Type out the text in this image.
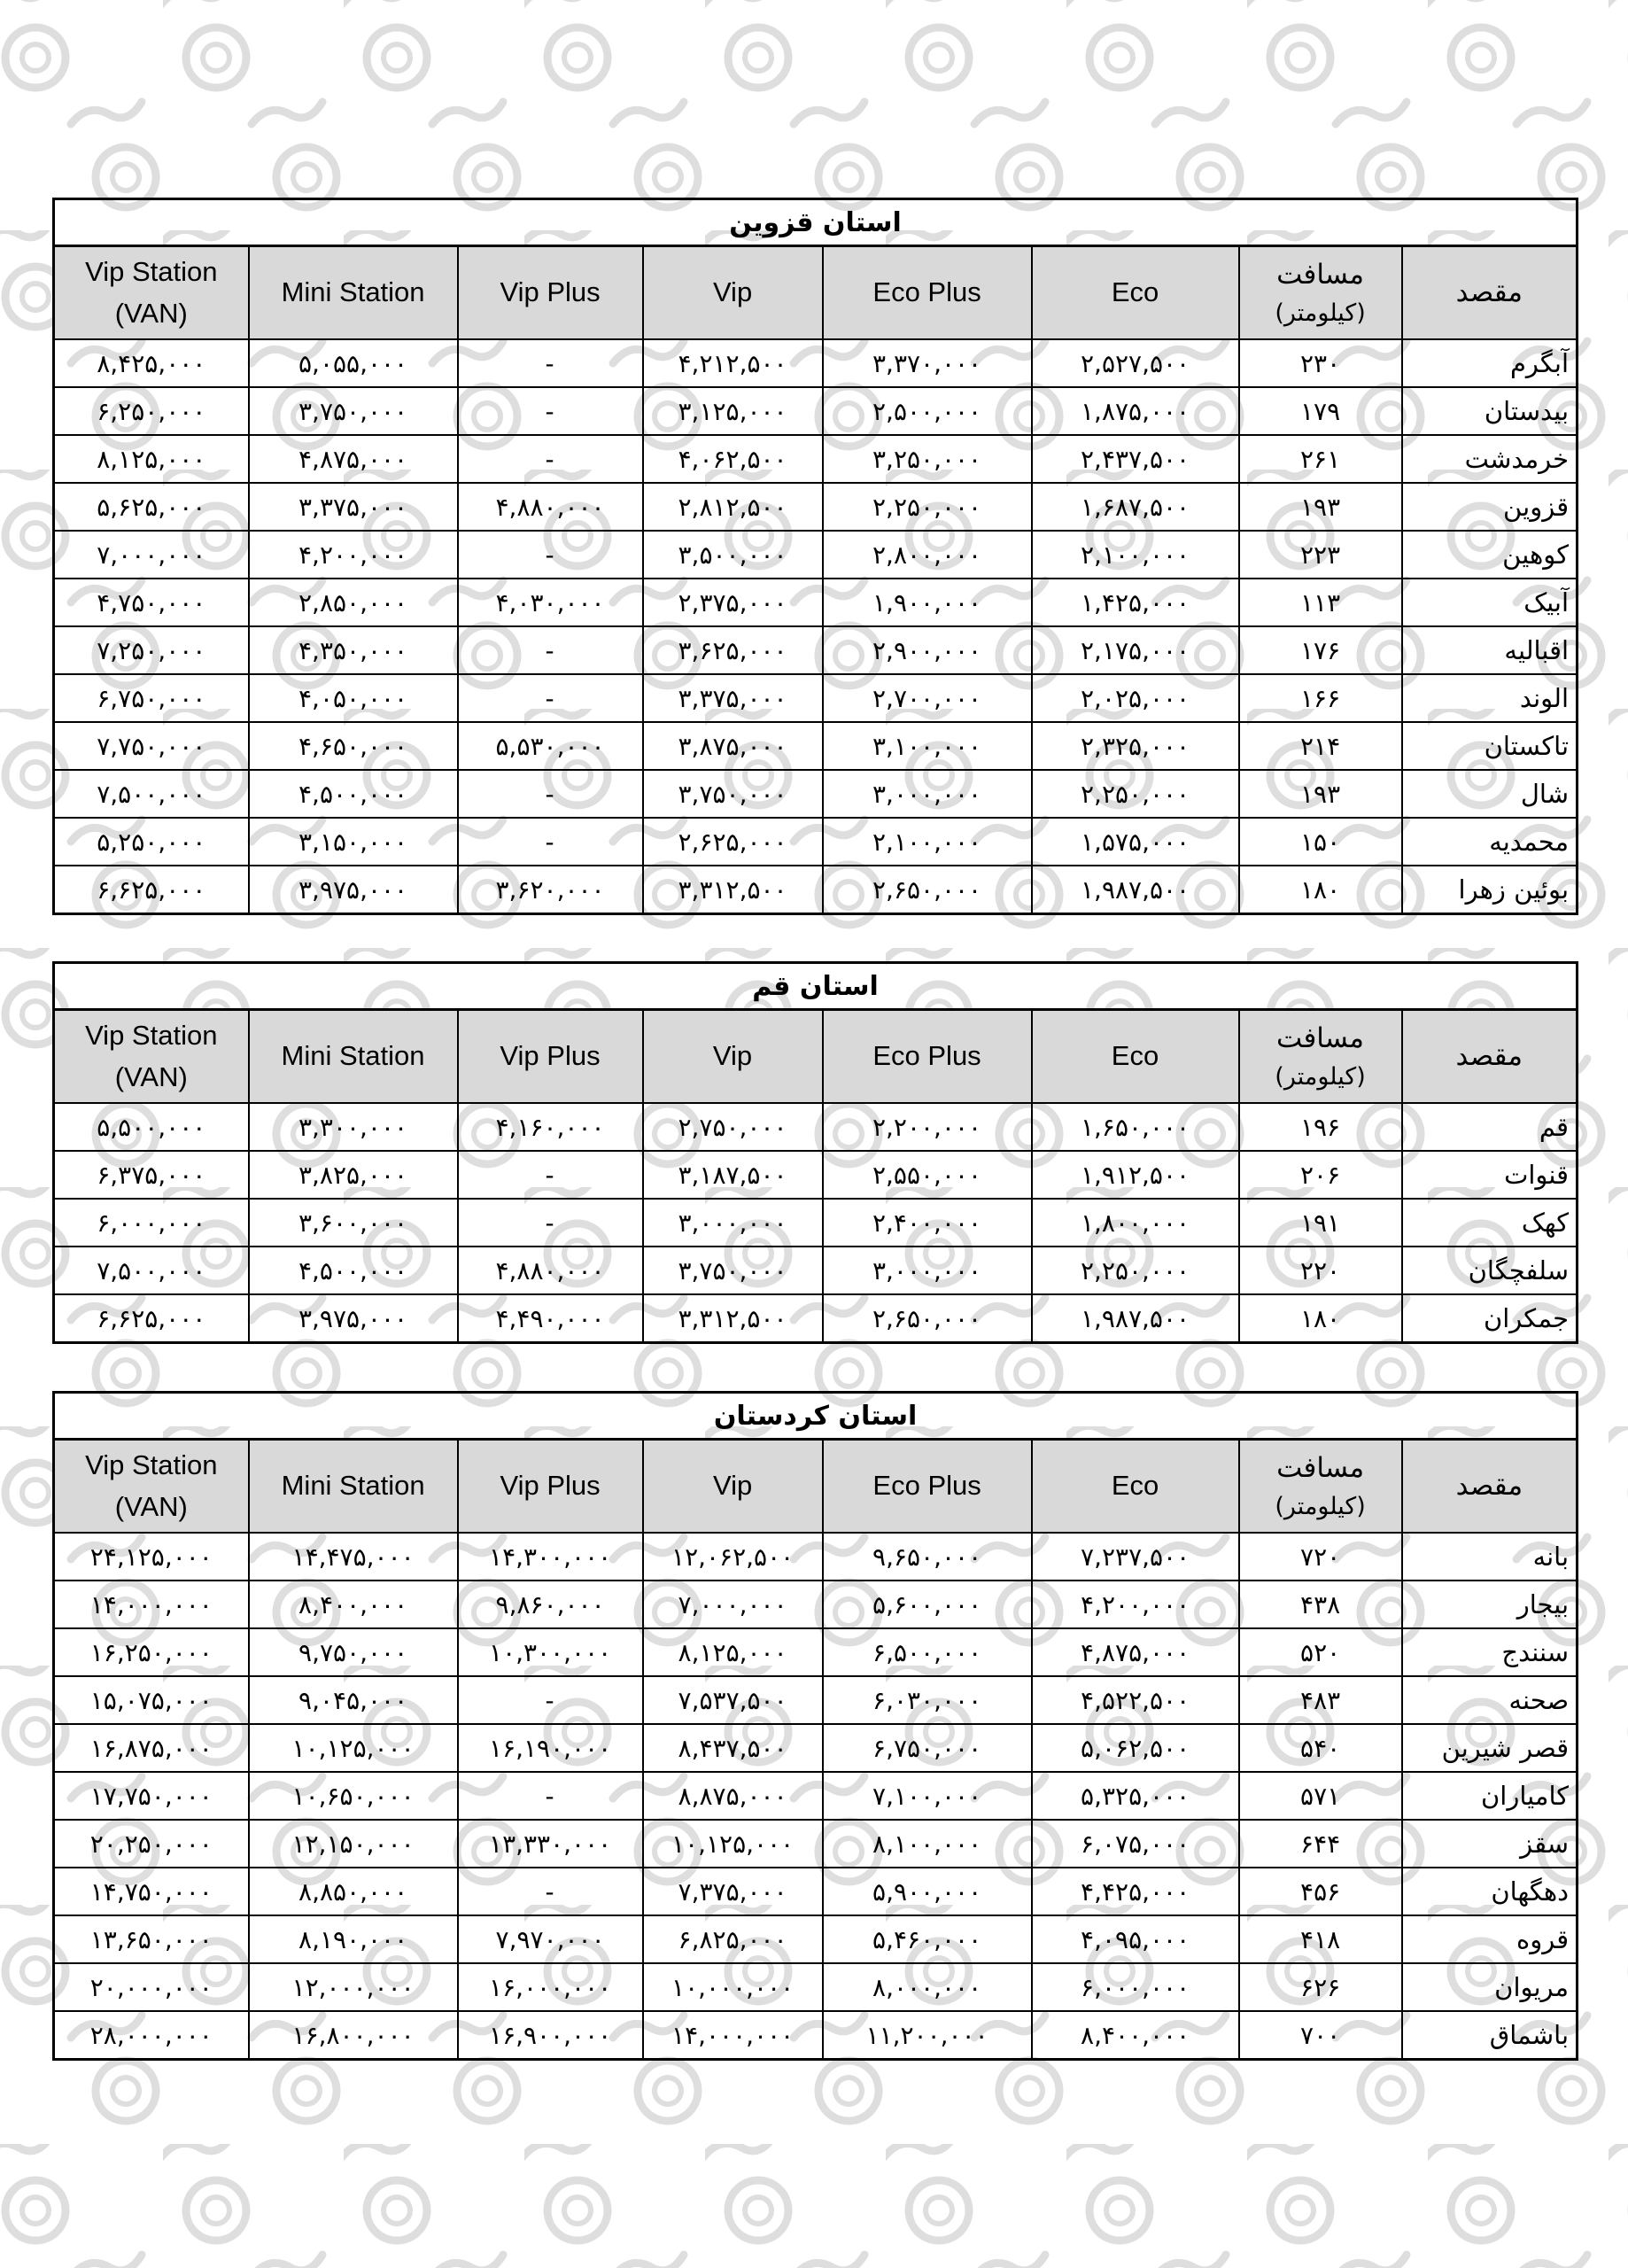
استان قزوین							
مقصد	مسافت
(کیلومتر)	Eco	Eco Plus	Vip	Vip Plus	Mini Station	Vip Station
(VAN)
آبگرم	۲۳۰	۲,۵۲۷,۵۰۰	۳,۳۷۰,۰۰۰	۴,۲۱۲,۵۰۰	-	۵,۰۵۵,۰۰۰	۸,۴۲۵,۰۰۰
بیدستان	۱۷۹	۱,۸۷۵,۰۰۰	۲,۵۰۰,۰۰۰	۳,۱۲۵,۰۰۰	-	۳,۷۵۰,۰۰۰	۶,۲۵۰,۰۰۰
خرمدشت	۲۶۱	۲,۴۳۷,۵۰۰	۳,۲۵۰,۰۰۰	۴,۰۶۲,۵۰۰	-	۴,۸۷۵,۰۰۰	۸,۱۲۵,۰۰۰
قزوین	۱۹۳	۱,۶۸۷,۵۰۰	۲,۲۵۰,۰۰۰	۲,۸۱۲,۵۰۰	۴,۸۸۰,۰۰۰	۳,۳۷۵,۰۰۰	۵,۶۲۵,۰۰۰
کوهین	۲۲۳	۲,۱۰۰,۰۰۰	۲,۸۰۰,۰۰۰	۳,۵۰۰,۰۰۰	-	۴,۲۰۰,۰۰۰	۷,۰۰۰,۰۰۰
آبیک	۱۱۳	۱,۴۲۵,۰۰۰	۱,۹۰۰,۰۰۰	۲,۳۷۵,۰۰۰	۴,۰۳۰,۰۰۰	۲,۸۵۰,۰۰۰	۴,۷۵۰,۰۰۰
اقبالیه	۱۷۶	۲,۱۷۵,۰۰۰	۲,۹۰۰,۰۰۰	۳,۶۲۵,۰۰۰	-	۴,۳۵۰,۰۰۰	۷,۲۵۰,۰۰۰
الوند	۱۶۶	۲,۰۲۵,۰۰۰	۲,۷۰۰,۰۰۰	۳,۳۷۵,۰۰۰	-	۴,۰۵۰,۰۰۰	۶,۷۵۰,۰۰۰
تاکستان	۲۱۴	۲,۳۲۵,۰۰۰	۳,۱۰۰,۰۰۰	۳,۸۷۵,۰۰۰	۵,۵۳۰,۰۰۰	۴,۶۵۰,۰۰۰	۷,۷۵۰,۰۰۰
شال	۱۹۳	۲,۲۵۰,۰۰۰	۳,۰۰۰,۰۰۰	۳,۷۵۰,۰۰۰	-	۴,۵۰۰,۰۰۰	۷,۵۰۰,۰۰۰
محمدیه	۱۵۰	۱,۵۷۵,۰۰۰	۲,۱۰۰,۰۰۰	۲,۶۲۵,۰۰۰	-	۳,۱۵۰,۰۰۰	۵,۲۵۰,۰۰۰
بوئین زهرا	۱۸۰	۱,۹۸۷,۵۰۰	۲,۶۵۰,۰۰۰	۳,۳۱۲,۵۰۰	۳,۶۲۰,۰۰۰	۳,۹۷۵,۰۰۰	۶,۶۲۵,۰۰۰
استان قم							
مقصد	مسافت
(کیلومتر)	Eco	Eco Plus	Vip	Vip Plus	Mini Station	Vip Station
(VAN)
قم	۱۹۶	۱,۶۵۰,۰۰۰	۲,۲۰۰,۰۰۰	۲,۷۵۰,۰۰۰	۴,۱۶۰,۰۰۰	۳,۳۰۰,۰۰۰	۵,۵۰۰,۰۰۰
قنوات	۲۰۶	۱,۹۱۲,۵۰۰	۲,۵۵۰,۰۰۰	۳,۱۸۷,۵۰۰	-	۳,۸۲۵,۰۰۰	۶,۳۷۵,۰۰۰
کهک	۱۹۱	۱,۸۰۰,۰۰۰	۲,۴۰۰,۰۰۰	۳,۰۰۰,۰۰۰	-	۳,۶۰۰,۰۰۰	۶,۰۰۰,۰۰۰
سلفچگان	۲۲۰	۲,۲۵۰,۰۰۰	۳,۰۰۰,۰۰۰	۳,۷۵۰,۰۰۰	۴,۸۸۰,۰۰۰	۴,۵۰۰,۰۰۰	۷,۵۰۰,۰۰۰
جمکران	۱۸۰	۱,۹۸۷,۵۰۰	۲,۶۵۰,۰۰۰	۳,۳۱۲,۵۰۰	۴,۴۹۰,۰۰۰	۳,۹۷۵,۰۰۰	۶,۶۲۵,۰۰۰
استان کردستان							
مقصد	مسافت
(کیلومتر)	Eco	Eco Plus	Vip	Vip Plus	Mini Station	Vip Station
(VAN)
بانه	۷۲۰	۷,۲۳۷,۵۰۰	۹,۶۵۰,۰۰۰	۱۲,۰۶۲,۵۰۰	۱۴,۳۰۰,۰۰۰	۱۴,۴۷۵,۰۰۰	۲۴,۱۲۵,۰۰۰
بیجار	۴۳۸	۴,۲۰۰,۰۰۰	۵,۶۰۰,۰۰۰	۷,۰۰۰,۰۰۰	۹,۸۶۰,۰۰۰	۸,۴۰۰,۰۰۰	۱۴,۰۰۰,۰۰۰
سنندج	۵۲۰	۴,۸۷۵,۰۰۰	۶,۵۰۰,۰۰۰	۸,۱۲۵,۰۰۰	۱۰,۳۰۰,۰۰۰	۹,۷۵۰,۰۰۰	۱۶,۲۵۰,۰۰۰
صحنه	۴۸۳	۴,۵۲۲,۵۰۰	۶,۰۳۰,۰۰۰	۷,۵۳۷,۵۰۰	-	۹,۰۴۵,۰۰۰	۱۵,۰۷۵,۰۰۰
قصر شیرین	۵۴۰	۵,۰۶۲,۵۰۰	۶,۷۵۰,۰۰۰	۸,۴۳۷,۵۰۰	۱۶,۱۹۰,۰۰۰	۱۰,۱۲۵,۰۰۰	۱۶,۸۷۵,۰۰۰
کامیاران	۵۷۱	۵,۳۲۵,۰۰۰	۷,۱۰۰,۰۰۰	۸,۸۷۵,۰۰۰	-	۱۰,۶۵۰,۰۰۰	۱۷,۷۵۰,۰۰۰
سقز	۶۴۴	۶,۰۷۵,۰۰۰	۸,۱۰۰,۰۰۰	۱۰,۱۲۵,۰۰۰	۱۳,۳۳۰,۰۰۰	۱۲,۱۵۰,۰۰۰	۲۰,۲۵۰,۰۰۰
دهگهان	۴۵۶	۴,۴۲۵,۰۰۰	۵,۹۰۰,۰۰۰	۷,۳۷۵,۰۰۰	-	۸,۸۵۰,۰۰۰	۱۴,۷۵۰,۰۰۰
قروه	۴۱۸	۴,۰۹۵,۰۰۰	۵,۴۶۰,۰۰۰	۶,۸۲۵,۰۰۰	۷,۹۷۰,۰۰۰	۸,۱۹۰,۰۰۰	۱۳,۶۵۰,۰۰۰
مریوان	۶۲۶	۶,۰۰۰,۰۰۰	۸,۰۰۰,۰۰۰	۱۰,۰۰۰,۰۰۰	۱۶,۰۰۰,۰۰۰	۱۲,۰۰۰,۰۰۰	۲۰,۰۰۰,۰۰۰
باشماق	۷۰۰	۸,۴۰۰,۰۰۰	۱۱,۲۰۰,۰۰۰	۱۴,۰۰۰,۰۰۰	۱۶,۹۰۰,۰۰۰	۱۶,۸۰۰,۰۰۰	۲۸,۰۰۰,۰۰۰
